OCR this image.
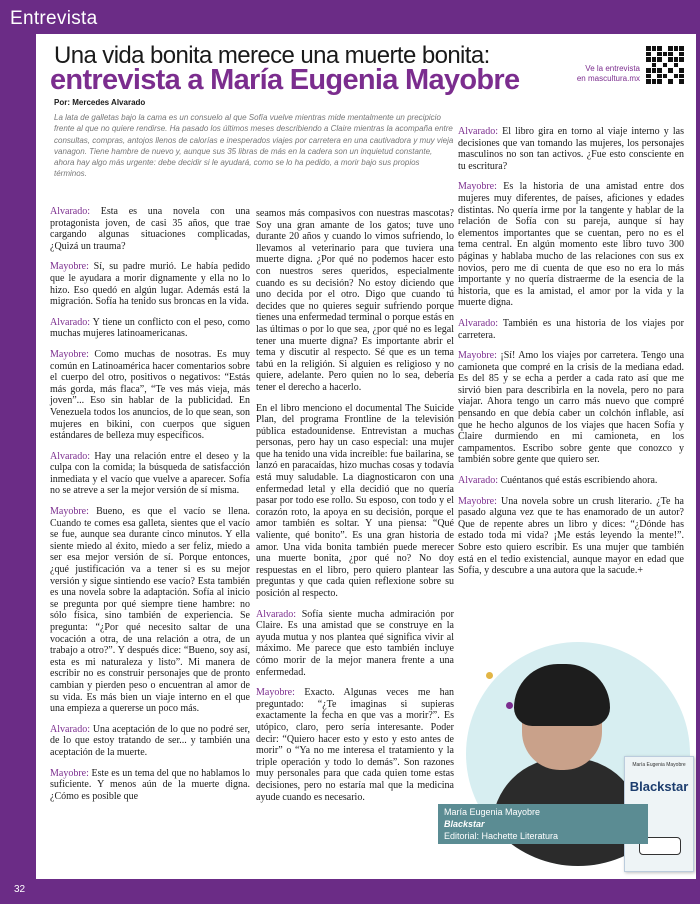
Entrevista
32
Una vida bonita merece una muerte bonita:
entrevista a María Eugenia Mayobre	Ve la entrevista
en mascultura.mx
Por: Mercedes Alvarado
La lata de galletas bajo la cama es un consuelo al que Sofía vuelve mientras mide mentalmente un precipicio frente al que no quiere rendirse. Ha pasado los últimos meses describiendo a Claire mientras la acompaña entre consultas, compras, antojos llenos de calorías e inesperados viajes por carretera en una cautivadora y muy vieja vanagon. Tiene hambre de nuevo y, aunque sus 35 libras de más en la cadera son un inquietud constante, ahora hay algo más urgente: debe decidir si le ayudará, como se lo ha pedido, a morir bajo sus propios términos.

Alvarado: Esta es una novela con una protagonista joven, de casi 35 años, que trae cargando algunas situaciones complicadas, ¿Quizá un trauma?

Mayobre: Sí, su padre murió. Le había pedido que le ayudara a morir dignamente y ella no lo hizo. Eso quedó en algún lugar. Además está la migración. Sofía ha tenido sus broncas en la vida.

Alvarado: Y tiene un conflicto con el peso, como muchas mujeres latinoamericanas.

Mayobre: Como muchas de nosotras. Es muy común en Latinoamérica hacer comentarios sobre el cuerpo del otro, positivos o negativos: “Estás más gorda, más flaca”, “Te ves más vieja, más joven”... Eso sin hablar de la publicidad. En Venezuela todos los anuncios, de lo que sean, son mujeres en bikini, con cuerpos que siguen estándares de belleza muy específicos.

Alvarado: Hay una relación entre el deseo y la culpa con la comida; la búsqueda de satisfacción inmediata y el vacío que vuelve a aparecer. Sofía no se atreve a ser la mejor versión de sí misma.

Mayobre: Bueno, es que el vacío se llena. Cuando te comes esa galleta, sientes que el vacío se fue, aunque sea durante cinco minutos. Y ella siente miedo al éxito, miedo a ser feliz, miedo a ser esa mejor versión de sí. Porque entonces, ¿qué justificación va a tener si es su mejor versión y sigue sintiendo ese vacío? Esta también es una novela sobre la adaptación. Sofía al inicio se pregunta por qué siempre tiene hambre: no sólo física, sino también de experiencia. Se pregunta: “¿Por qué necesito saltar de una vocación a otra, de una relación a otra, de un trabajo a otro?”. Y después dice: “Bueno, soy así, esta es mi naturaleza y listo”. Mi manera de escribir no es construir personajes que de pronto cambian y pierden peso o encuentran al amor de su vida. Es más bien un viaje interno en el que una empieza a quererse un poco más.

Alvarado: Una aceptación de lo que no podré ser, de lo que estoy tratando de ser... y también una aceptación de la muerte.

Mayobre: Este es un tema del que no hablamos lo suficiente. Y menos aún de la muerte digna. ¿Cómo es posible que

seamos más compasivos con nuestras mascotas? Soy una gran amante de los gatos; tuve uno durante 20 años y cuando lo vimos sufriendo, lo llevamos al veterinario para que tuviera una muerte digna. ¿Por qué no podemos hacer esto con nuestros seres queridos, especialmente cuando es su decisión? No estoy diciendo que uno decida por el otro. Digo que cuando tú decides que no quieres seguir sufriendo porque tienes una enfermedad terminal o porque estás en las últimas o por lo que sea, ¿por qué no es legal tener una muerte digna? Es importante abrir el tema y discutir al respecto. Sé que es un tema tabú en la religión. Si alguien es religioso y no quiere, adelante. Pero quien no lo sea, debería tener el derecho a hacerlo.

En el libro menciono el documental The Suicide Plan, del programa Frontline de la televisión pública estadounidense. Entrevistan a muchas personas, pero hay un caso especial: una mujer que ha tenido una vida increíble: fue bailarina, se lanzó en paracaídas, hizo muchas cosas y todavía está muy saludable. La diagnosticaron con una enfermedad letal y ella decidió que no quería pasar por todo ese rollo. Su esposo, con todo y el corazón roto, la apoya en su decisión, porque el amor también es soltar. Y una piensa: “Qué valiente, qué bonito”. Es una gran historia de amor. Una vida bonita también puede merecer una muerte bonita, ¿por qué no? No doy respuestas en el libro, pero quiero plantear las preguntas y que cada quien reflexione sobre su posición al respecto.

Alvarado: Sofía siente mucha admiración por Claire. Es una amistad que se construye en la ayuda mutua y nos plantea qué significa vivir al máximo. Me parece que esto también incluye cómo morir de la mejor manera frente a una enfermedad.

Mayobre: Exacto. Algunas veces me han preguntado: “¿Te imaginas si supieras exactamente la fecha en que vas a morir?”. Es utópico, claro, pero sería interesante. Poder decir: “Quiero hacer esto y esto y esto antes de morir” o “Ya no me interesa el tratamiento y la triple operación y todo lo demás”. Son razones muy personales para que cada quien tome estas decisiones, pero no estaría mal que la medicina ayude cuando es necesario.

Alvarado: El libro gira en torno al viaje interno y las decisiones que van tomando las mujeres, los personajes masculinos no son tan activos. ¿Fue esto consciente en tu escritura?

Mayobre: Es la historia de una amistad entre dos mujeres muy diferentes, de países, aficiones y edades distintas. No quería irme por la tangente y hablar de la relación de Sofía con su pareja, aunque sí hay elementos importantes que se cuentan, pero no es el tema central. En algún momento este libro tuvo 300 páginas y hablaba mucho de las relaciones con sus ex novios, pero me di cuenta de que eso no era lo más importante y no quería distraerme de la esencia de la historia, que es la amistad, el amor por la vida y la muerte digna.

Alvarado: También es una historia de los viajes por carretera.

Mayobre: ¡Sí! Amo los viajes por carretera. Tengo una camioneta que compré en la crisis de la mediana edad. Es del 85 y se echa a perder a cada rato así que me sirvió bien para describirla en la novela, pero no para viajar. Ahora tengo un carro más nuevo que compré pensando en que debía caber un colchón inflable, así que he hecho algunos de los viajes que hacen Sofía y Claire durmiendo en mi camioneta, en los campamentos. Escribo sobre gente que conozco y también sobre gente que quiero ser.

Alvarado: Cuéntanos qué estás escribiendo ahora.

Mayobre: Una novela sobre un crush literario. ¿Te ha pasado alguna vez que te has enamorado de un autor? Que de repente abres un libro y dices: “¿Dónde has estado toda mi vida? ¡Me estás leyendo la mente!”. Sobre esto quiero escribir. Es una mujer que también está en el tedio existencial, aunque mayor en edad que Sofía, y descubre a una autora que la sacude.+

María Eugenia Mayobre
Blackstar
María Eugenia Mayobre
Blackstar
Editorial: Hachette Literatura
